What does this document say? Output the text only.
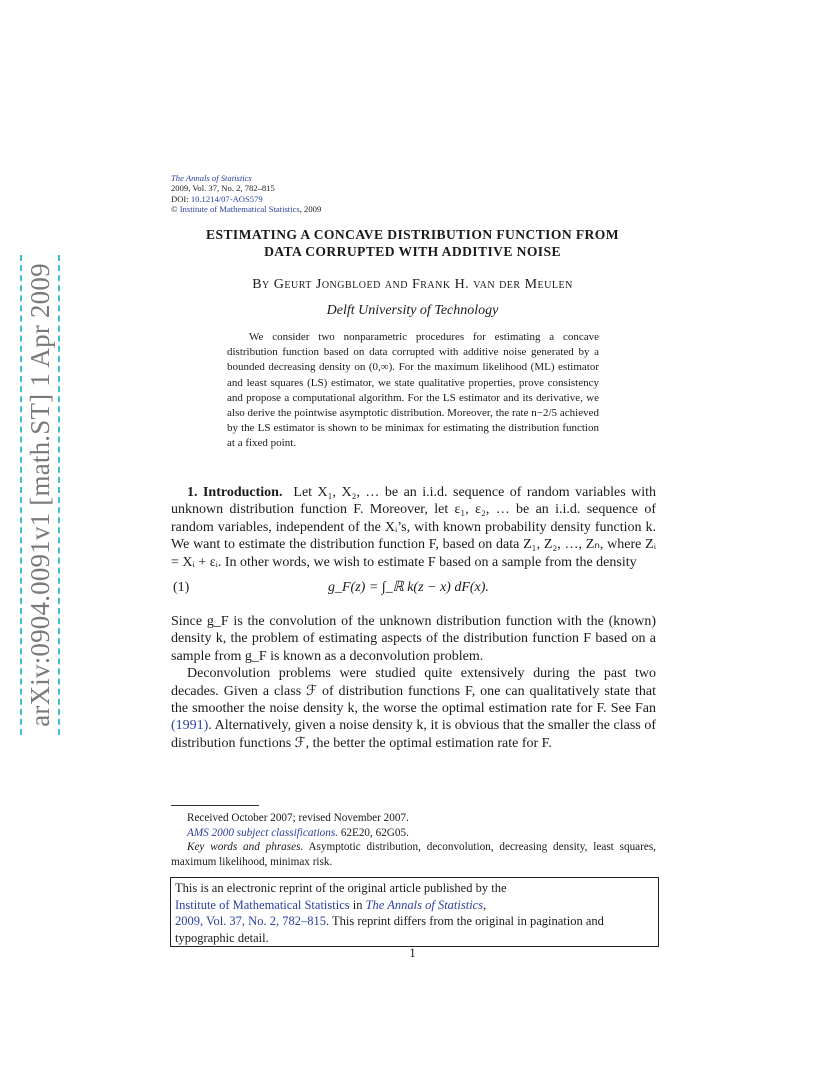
arXiv:0904.0091v1 [math.ST] 1 Apr 2009
The Annals of Statistics
2009, Vol. 37, No. 2, 782–815
DOI: 10.1214/07-AOS579
© Institute of Mathematical Statistics, 2009
ESTIMATING A CONCAVE DISTRIBUTION FUNCTION FROM
DATA CORRUPTED WITH ADDITIVE NOISE
By Geurt Jongbloed and Frank H. van der Meulen
Delft University of Technology

We consider two nonparametric procedures for estimating a concave distribution function based on data corrupted with additive noise generated by a bounded decreasing density on (0,∞). For the maximum likelihood (ML) estimator and least squares (LS) estimator, we state qualitative properties, prove consistency and propose a computational algorithm. For the LS estimator and its derivative, we also derive the pointwise asymptotic distribution. Moreover, the rate n−2/5 achieved by the LS estimator is shown to be minimax for estimating the distribution function at a fixed point.

1. Introduction. Let X₁, X₂, … be an i.i.d. sequence of random variables with unknown distribution function F. Moreover, let ε₁, ε₂, … be an i.i.d. sequence of random variables, independent of the Xᵢ’s, with known probability density function k. We want to estimate the distribution function F, based on data Z₁, Z₂, …, Zₙ, where Zᵢ = Xᵢ + εᵢ. In other words, we wish to estimate F based on a sample from the density

(1)	g_F(z) = ∫_ℝ k(z − x) dF(x).

Since g_F is the convolution of the unknown distribution function with the (known) density k, the problem of estimating aspects of the distribution function F based on a sample from g_F is known as a deconvolution problem.

Deconvolution problems were studied quite extensively during the past two decades. Given a class ℱ of distribution functions F, one can qualitatively state that the smoother the noise density k, the worse the optimal estimation rate for F. See Fan (1991). Alternatively, given a noise density k, it is obvious that the smaller the class of distribution functions ℱ, the better the optimal estimation rate for F.

Received October 2007; revised November 2007.

AMS 2000 subject classifications. 62E20, 62G05.

Key words and phrases. Asymptotic distribution, deconvolution, decreasing density, least squares, maximum likelihood, minimax risk.

This is an electronic reprint of the original article published by the
Institute of Mathematical Statistics in The Annals of Statistics,
2009, Vol. 37, No. 2, 782–815. This reprint differs from the original in pagination and typographic detail.
1
